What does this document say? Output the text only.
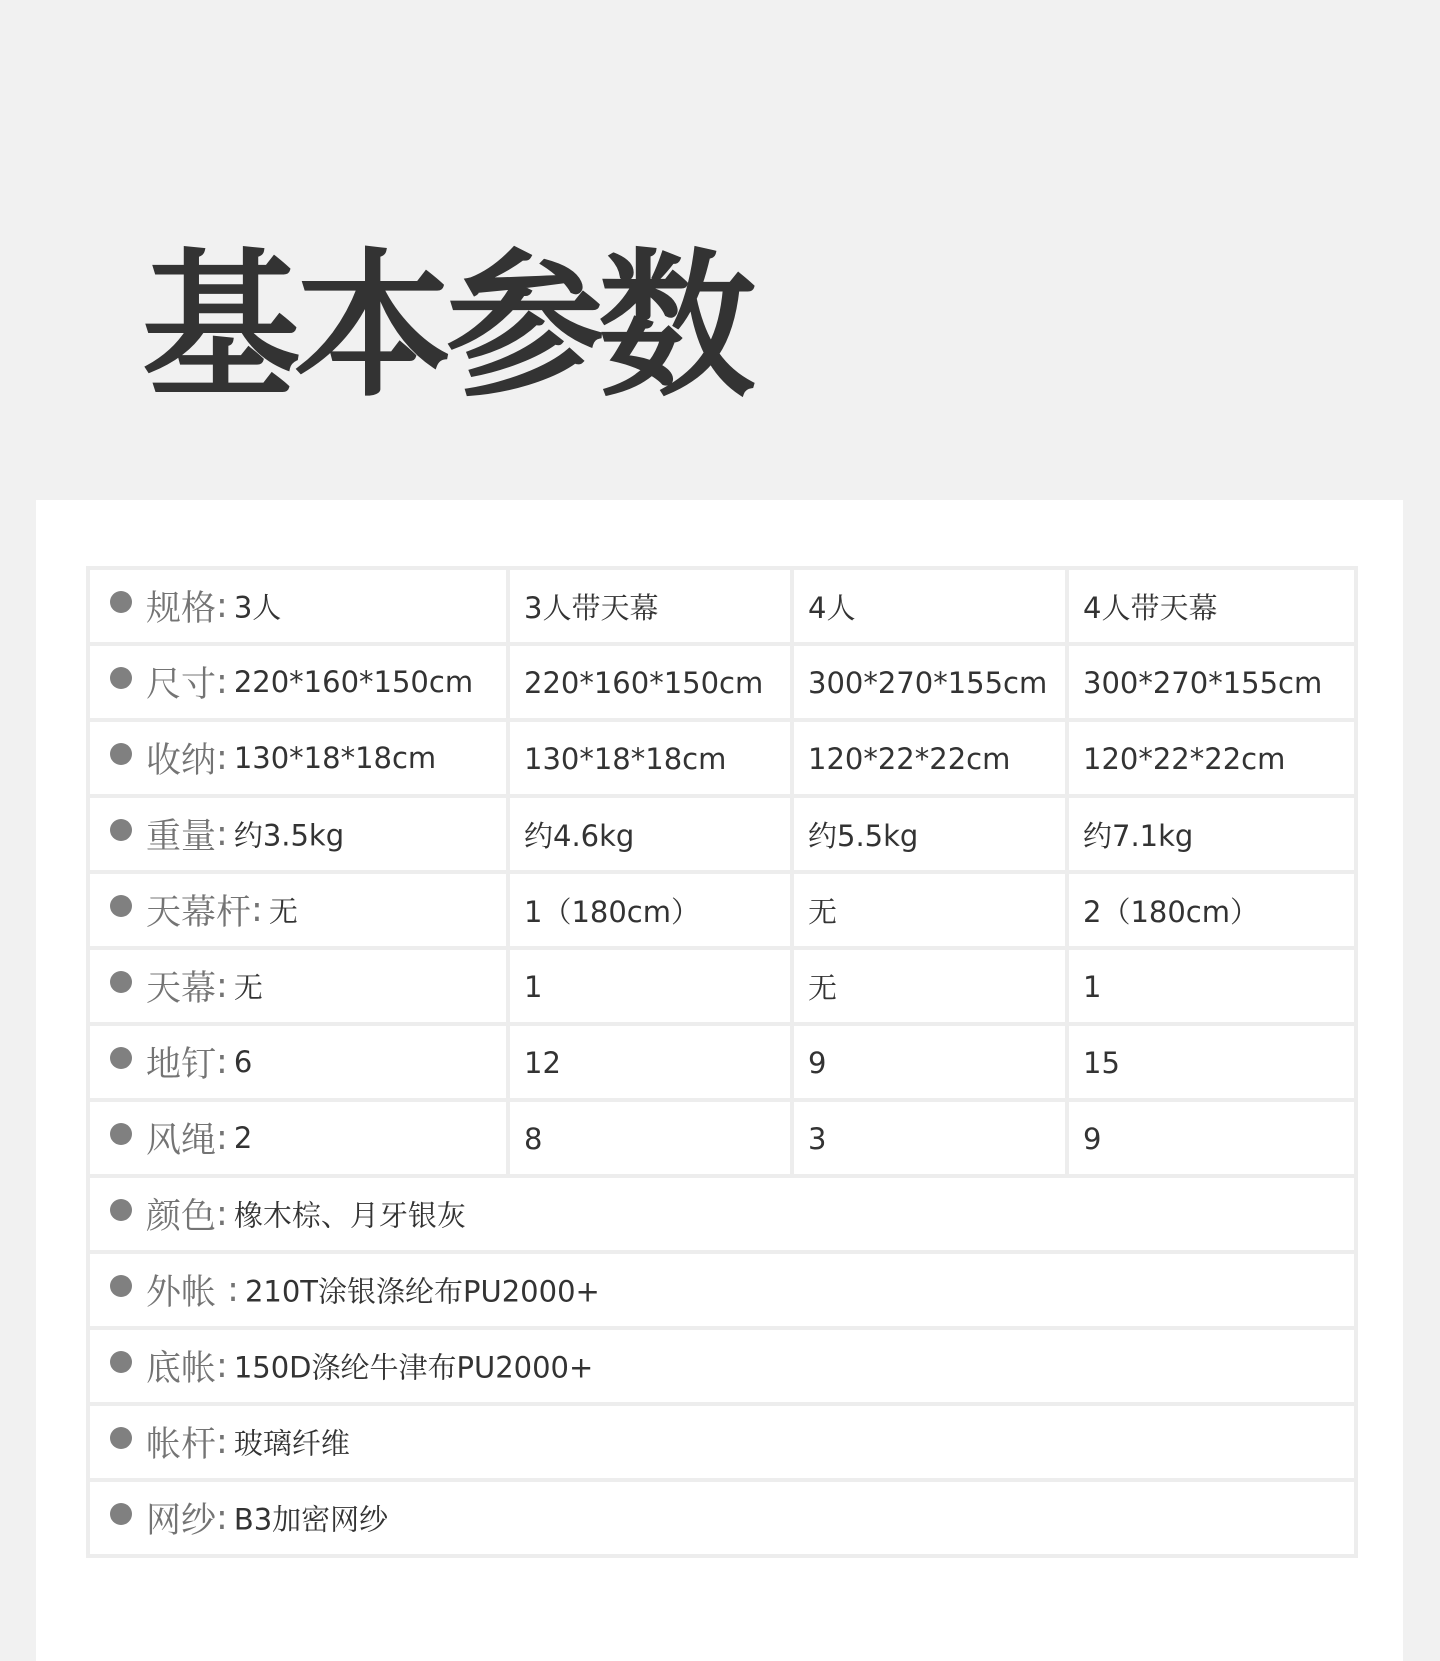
基本参数
规格: 3人	3人带天幕	4人	4人带天幕
尺寸: 220*160*150cm	220*160*150cm	300*270*155cm	300*270*155cm
收纳: 130*18*18cm	130*18*18cm	120*22*22cm	120*22*22cm
重量: 约3.5kg	约4.6kg	约5.5kg	约7.1kg
天幕杆: 无	1（180cm）	无	2（180cm）
天幕: 无	1	无	1
地钉: 6	12	9	15
风绳: 2	8	3	9
颜色: 橡木棕、月牙银灰			
外帐 : 210T涂银涤纶布PU2000+			
底帐: 150D涤纶牛津布PU2000+			
帐杆: 玻璃纤维			
网纱: B3加密网纱			
